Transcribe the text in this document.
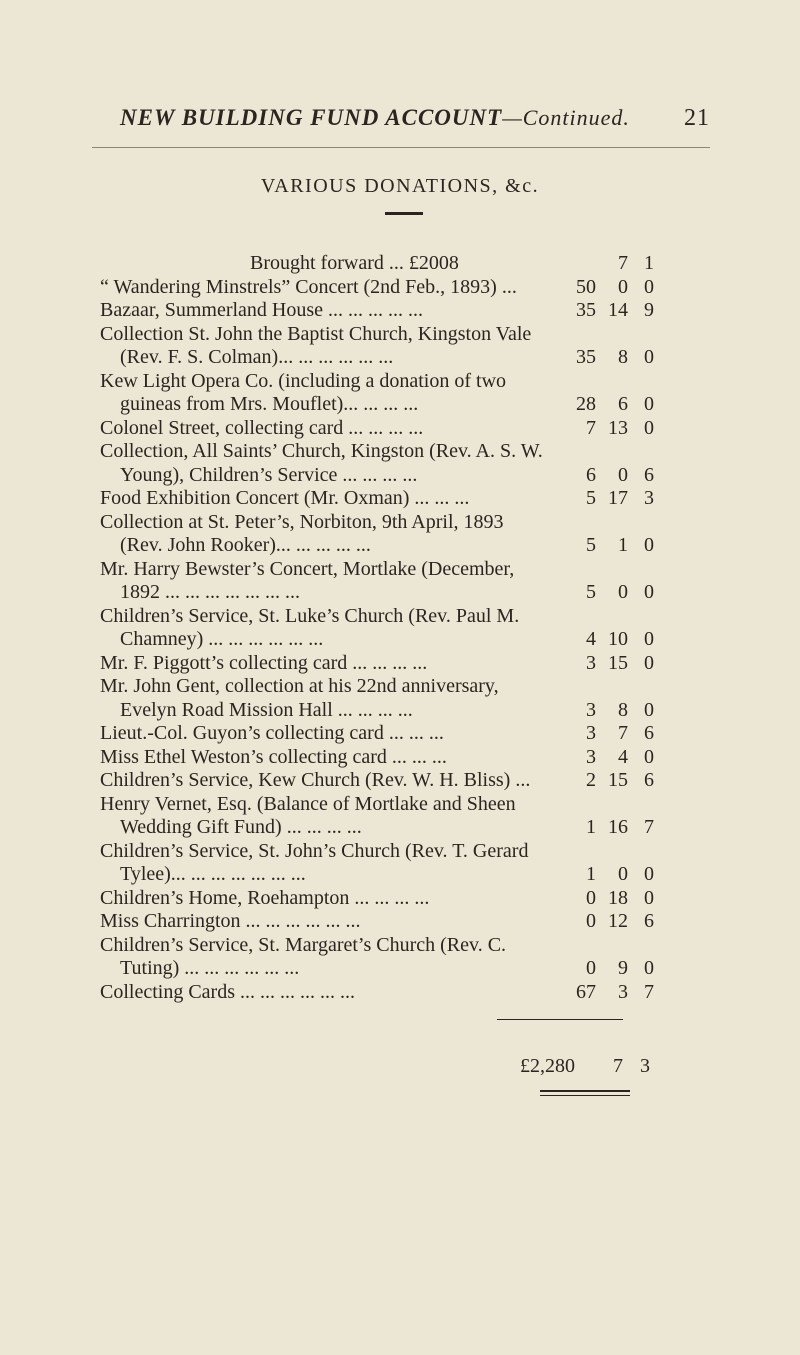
NEW BUILDING FUND ACCOUNT—Continued. 21
VARIOUS DONATIONS, &c.
Brought forward ... £2008	7 1
“ Wandering Minstrels” Concert (2nd Feb., 1893) ...	50	0 0
Bazaar, Summerland House ... ... ... ... ...	35 14 9
Collection St. John the Baptist Church, Kingston Vale
(Rev. F. S. Colman)... ... ... ... ... ...	35	8 0
Kew Light Opera Co. (including a donation of two
guineas from Mrs. Mouflet)... ... ... ...	28	6 0
Colonel Street, collecting card ... ... ... ...	7 13 0
Collection, All Saints’ Church, Kingston (Rev. A. S. W.
Young), Children’s Service ... ... ... ...	6	0 6
Food Exhibition Concert (Mr. Oxman) ... ... ...	5 17 3
Collection at St. Peter’s, Norbiton, 9th April, 1893
(Rev. John Rooker)... ... ... ... ...	5	1 0
Mr. Harry Bewster’s Concert, Mortlake (December,
1892 ... ... ... ... ... ... ...	5	0 0
Children’s Service, St. Luke’s Church (Rev. Paul M.
Chamney) ... ... ... ... ... ...	4 10 0
Mr. F. Piggott’s collecting card ... ... ... ...	3 15 0
Mr. John Gent, collection at his 22nd anniversary,
Evelyn Road Mission Hall ... ... ... ...	3	8 0
Lieut.-Col. Guyon’s collecting card ... ... ...	3	7 6
Miss Ethel Weston’s collecting card ... ... ...	3	4 0
Children’s Service, Kew Church (Rev. W. H. Bliss) ...	2 15 6
Henry Vernet, Esq. (Balance of Mortlake and Sheen
Wedding Gift Fund) ... ... ... ...	1 16 7
Children’s Service, St. John’s Church (Rev. T. Gerard
Tylee)... ... ... ... ... ... ...	1	0 0
Children’s Home, Roehampton ... ... ... ...	0 18 0
Miss Charrington ... ... ... ... ... ...	0 12 6
Children’s Service, St. Margaret’s Church (Rev. C.
Tuting) ... ... ... ... ... ...	0	9 0
Collecting Cards ... ... ... ... ... ...	67	3 7
£2,280 7 3
